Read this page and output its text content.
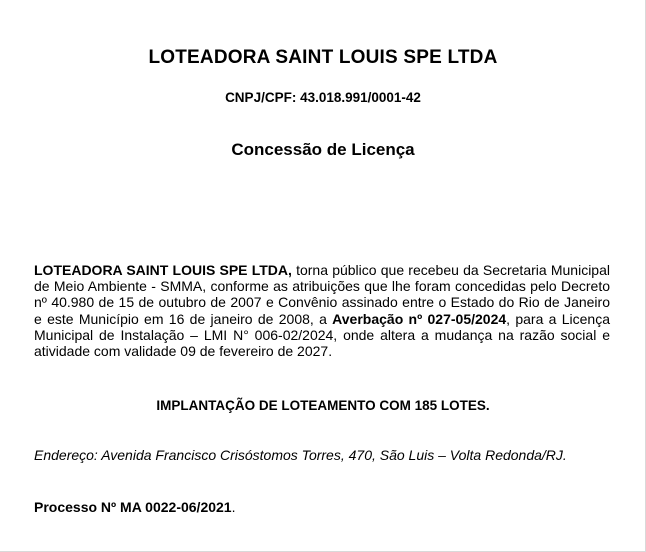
LOTEADORA SAINT LOUIS SPE LTDA
CNPJ/CPF: 43.018.991/0001-42
Concessão de Licença

LOTEADORA SAINT LOUIS SPE LTDA, torna público que recebeu da Secretaria Municipal de Meio Ambiente - SMMA, conforme as atribuições que lhe foram concedidas pelo Decreto nº 40.980 de 15 de outubro de 2007 e Convênio assinado entre o Estado do Rio de Janeiro e este Município em 16 de janeiro de 2008, a Averbação nº 027-05/2024, para a Licença Municipal de Instalação – LMI N° 006-02/2024, onde altera a mudança na razão social e atividade com validade 09 de fevereiro de 2027.

IMPLANTAÇÃO DE LOTEAMENTO COM 185 LOTES.
Endereço: Avenida Francisco Crisóstomos Torres, 470, São Luis – Volta Redonda/RJ.
Processo Nº MA 0022-06/2021.
